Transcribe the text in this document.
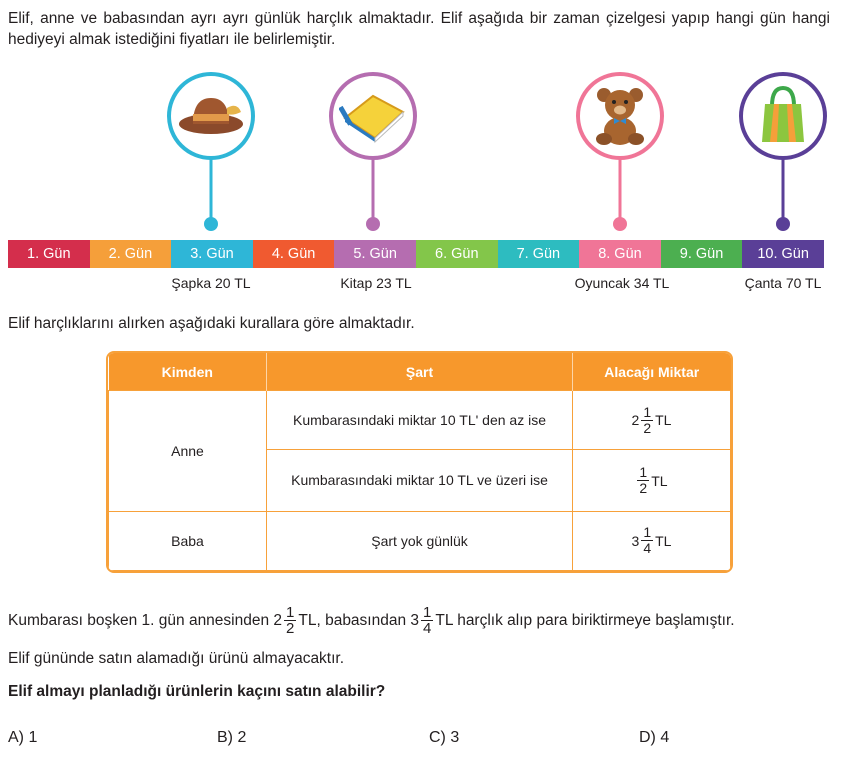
Elif, anne ve babasından ayrı ayrı günlük harçlık almaktadır. Elif aşağıda bir zaman çizelgesi yapıp hangi gün hangi hediyeyi almak istediğini fiyatları ile belirlemiştir.

1. Gün	2. Gün	3. Gün	4. Gün	5. Gün	6. Gün	7. Gün	8. Gün	9. Gün	10. Gün
Şapka 20 TL	Kitap 23 TL	Oyuncak 34 TL	Çanta 70 TL

Elif harçlıklarını alırken aşağıdaki kurallara göre almaktadır.

Kimden	Şart	Alacağı Miktar
Anne	Kumbarasındaki miktar 10 TL' den az ise	$2 \frac{1}{2}$ TL

	Kumbarasındaki miktar 10 TL ve üzeri ise	$\frac{1}{2}$ TL

Baba	Şart yok günlük	$3 \frac{1}{4}$ TL

Kumbarası boşken 1. gün annesinden $2 \frac{1}{2}$ TL, babasından $3 \frac{1}{4}$ TL harçlık alıp para biriktirmeye başlamıştır.

Elif gününde satın alamadığı ürünü almayacaktır.

Elif almayı planladığı ürünlerin kaçını satın alabilir?

A) 1	B) 2	C) 3	D) 4
